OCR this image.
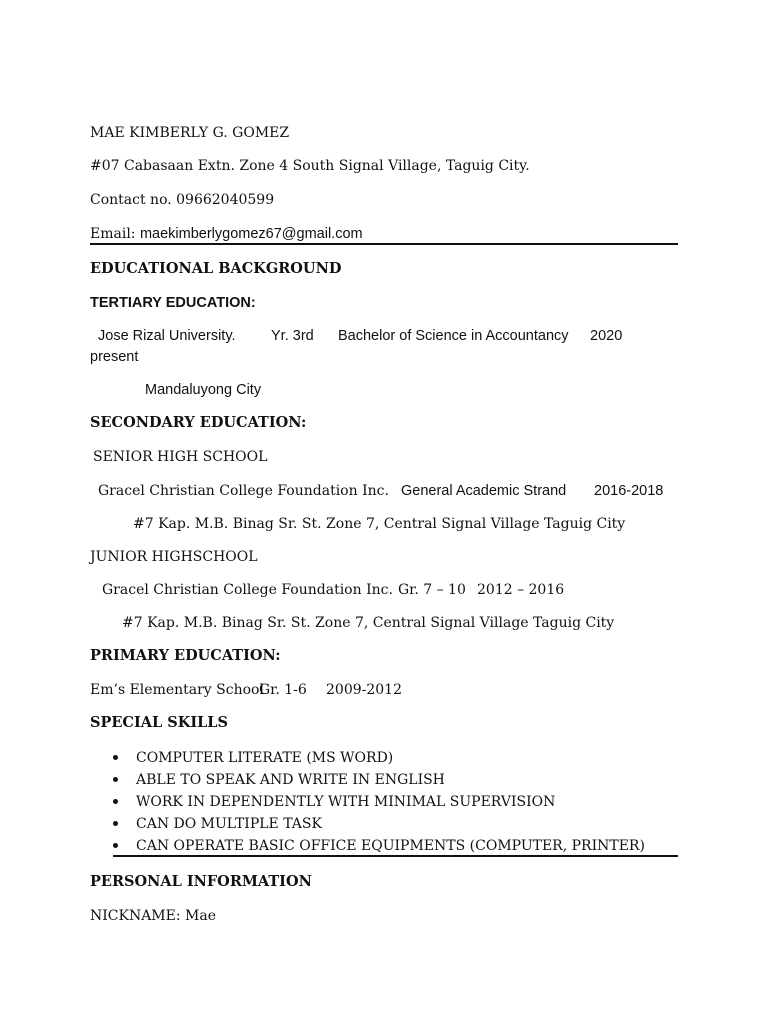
MAE KIMBERLY G. GOMEZ
#07 Cabasaan Extn. Zone 4 South Signal Village, Taguig City.
Contact no. 09662040599
Email: maekimberlygomez67@gmail.com
EDUCATIONAL BACKGROUND
TERTIARY EDUCATION:
Jose Rizal University. Yr. 3rd Bachelor of Science in Accountancy 2020
present
Mandaluyong City
SECONDARY EDUCATION:
SENIOR HIGH SCHOOL
Gracel Christian College Foundation Inc. General Academic Strand 2016-2018
#7 Kap. M.B. Binag Sr. St. Zone 7, Central Signal Village Taguig City
JUNIOR HIGHSCHOOL
Gracel Christian College Foundation Inc. Gr. 7 – 10 2012 – 2016
#7 Kap. M.B. Binag Sr. St. Zone 7, Central Signal Village Taguig City
PRIMARY EDUCATION:
Em’s Elementary School
Gr. 1-6 2009-2012
SPECIAL SKILLS
COMPUTER LITERATE (MS WORD)
ABLE TO SPEAK AND WRITE IN ENGLISH
WORK IN DEPENDENTLY WITH MINIMAL SUPERVISION
CAN DO MULTIPLE TASK
CAN OPERATE BASIC OFFICE EQUIPMENTS (COMPUTER, PRINTER)
PERSONAL INFORMATION
NICKNAME: Mae
